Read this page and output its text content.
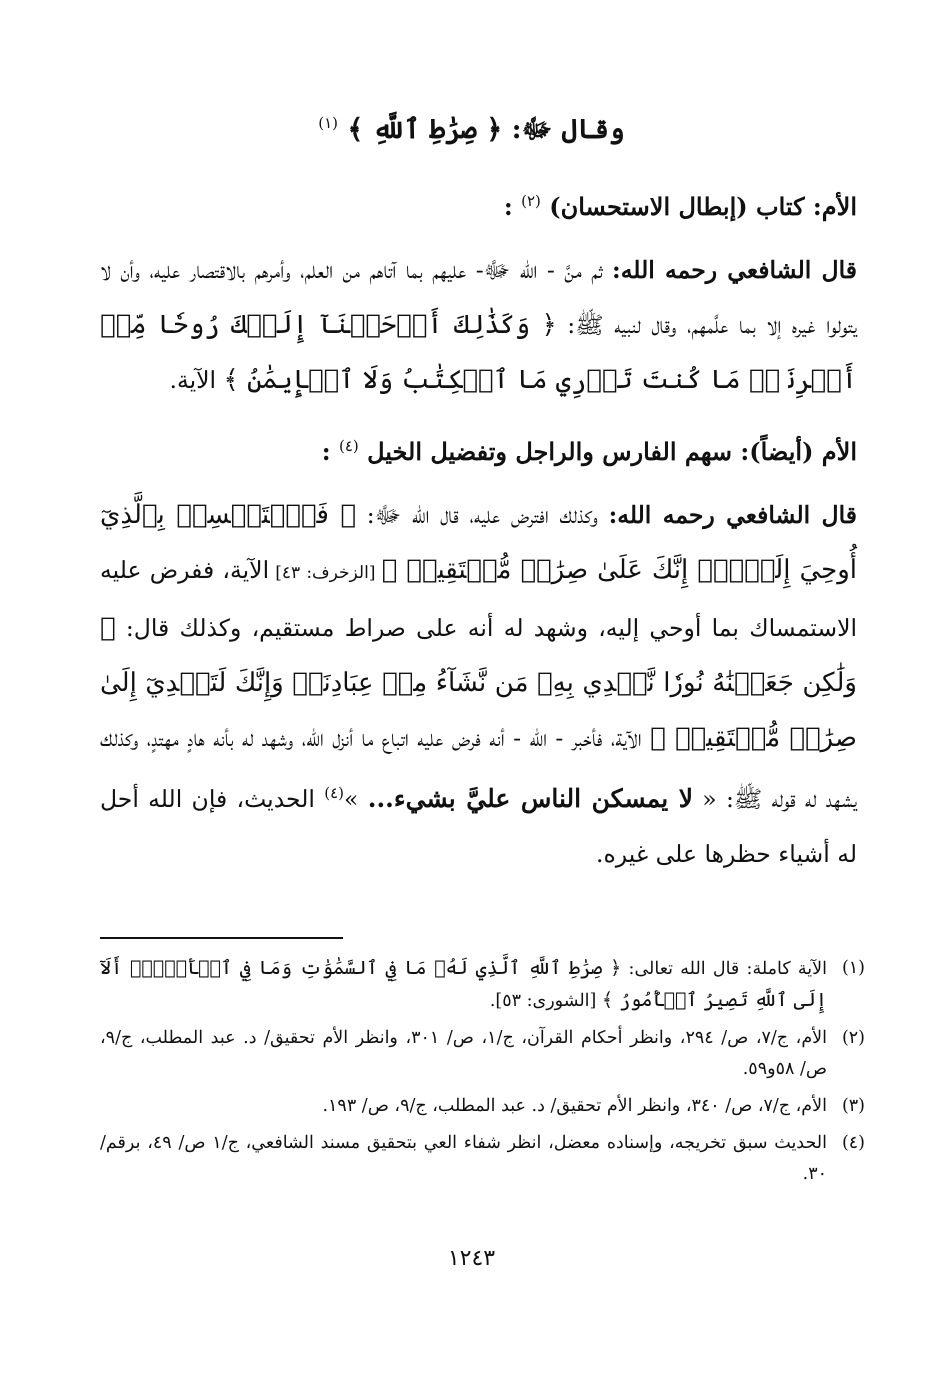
وقال ﷻ: ﴿ صِرَٰطِ ٱللَّهِ ﴾ $^{(١)}$
الأم: كتاب (إبطال الاستحسان) $^{(٢)}$ :
قال الشافعي رحمه الله: ثم منَّ - الله ﷻ- عليهم بما آتاهم من العلم، وأمرهم بالاقتصار عليه، وأن لا يتولوا غيره إلا بما علَّمهم، وقال لنبيه ﷺ: ﴿ وَكَذَٰلِكَ أَوۡحَيۡنَآ إِلَيۡكَ رُوحٗا مِّنۡ أَمۡرِنَاۚ مَا كُنتَ تَدۡرِي مَا ٱلۡكِتَٰبُ وَلَا ٱلۡإِيمَٰنُ ﴾ الآية.
الأم (أيضاً): سهم الفارس والراجل وتفضيل الخيل $^{(٤)}$ :
قال الشافعي رحمه الله: وكذلك افترض عليه، قال الله ﷻ: ﴿ فَٱسۡتَمۡسِكۡ بِٱلَّذِيٓ أُوحِيَ إِلَيۡكَۖ إِنَّكَ عَلَىٰ صِرَٰطٖ مُّسۡتَقِيمٖ ﴾ [الزخرف: ٤٣] الآية، ففرض عليه الاستمساك بما أوحي إليه، وشهد له أنه على صراط مستقيم، وكذلك قال: ﴿ وَلَٰكِن جَعَلۡنَٰهُ نُورٗا نَّهۡدِي بِهِۦ مَن نَّشَآءُ مِنۡ عِبَادِنَاۚ وَإِنَّكَ لَتَهۡدِيٓ إِلَىٰ صِرَٰطٖ مُّسۡتَقِيمٖ ﴾ الآية، فأخبر - الله - أنه فرض عليه اتباع ما أنزل الله، وشهد له بأنه هادٍ مهتدٍ، وكذلك يشهد له قوله ﷺ: « لا يمسكن الناس عليَّ بشيء... »$^{(٤)}$ الحديث، فإن الله أحل له أشياء حظرها على غيره.
(١)
الآية كاملة: قال الله تعالى: ﴿ صِرَٰطِ ٱللَّهِ ٱلَّذِي لَهُۥ مَا فِي ٱلسَّمَٰوَٰتِ وَمَا فِي ٱلۡأَرۡضِۗ أَلَآ إِلَى ٱللَّهِ تَصِيرُ ٱلۡأُمُورُ ﴾ [الشورى: ٥٣].
(٢)
الأم، ج/٧، ص/ ٢٩٤، وانظر أحكام القرآن، ج/١، ص/ ٣٠١، وانظر الأم تحقيق/ د. عبد المطلب، ج/٩، ص/ ٥٨و٥٩.
(٣)
الأم، ج/٧، ص/ ٣٤٠، وانظر الأم تحقيق/ د. عبد المطلب، ج/٩، ص/ ١٩٣.
(٤)
الحديث سبق تخريجه، وإسناده معضل، انظر شفاء العي بتحقيق مسند الشافعي، ج/١ ص/ ٤٩، برقم/ ٣٠.
١٢٤٣
